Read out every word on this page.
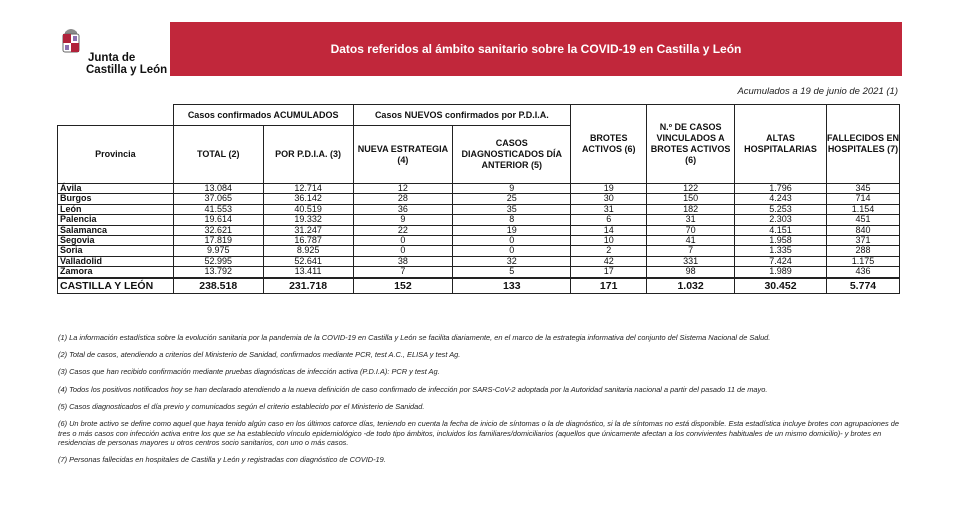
Junta de
Castilla y León
Datos referidos al ámbito sanitario sobre la COVID-19 en Castilla y León
Acumulados a 19 de junio de 2021 (1)
	Casos confirmados ACUMULADOS		Casos NUEVOS confirmados por P.D.I.A.		BROTES ACTIVOS (6)	N.º DE CASOS VINCULADOS A BROTES ACTIVOS (6)	ALTAS HOSPITALARIAS	FALLECIDOS EN HOSPITALES (7)
Provincia	TOTAL (2)	POR P.D.I.A. (3)	NUEVA ESTRATEGIA (4)	CASOS DIAGNOSTICADOS DÍA ANTERIOR (5)				
Ávila	13.084	12.714	12	9	19	122	1.796	345
Burgos	37.065	36.142	28	25	30	150	4.243	714
León	41.553	40.519	36	35	31	182	5.253	1.154
Palencia	19.614	19.332	9	8	6	31	2.303	451
Salamanca	32.621	31.247	22	19	14	70	4.151	840
Segovia	17.819	16.787	0	0	10	41	1.958	371
Soria	9.975	8.925	0	0	2	7	1.335	288
Valladolid	52.995	52.641	38	32	42	331	7.424	1.175
Zamora	13.792	13.411	7	5	17	98	1.989	436
CASTILLA Y LEÓN	238.518	231.718	152	133	171	1.032	30.452	5.774

(1) La información estadística sobre la evolución sanitaria por la pandemia de la COVID-19 en Castilla y León se facilita diariamente, en el marco de la estrategia informativa del conjunto del Sistema Nacional de Salud.

(2) Total de casos, atendiendo a criterios del Ministerio de Sanidad, confirmados mediante PCR, test A.C., ELISA y test Ag.

(3) Casos que han recibido confirmación mediante pruebas diagnósticas de infección activa (P.D.I.A): PCR y test Ag.

(4) Todos los positivos notificados hoy se han declarado atendiendo a la nueva definición de caso confirmado de infección por SARS-CoV-2 adoptada por la Autoridad sanitaria nacional a partir del pasado 11 de mayo.

(5) Casos diagnosticados el día previo y comunicados según el criterio establecido por el Ministerio de Sanidad.

(6) Un brote activo se define como aquel que haya tenido algún caso en los últimos catorce días, teniendo en cuenta la fecha de inicio de síntomas o la de diagnóstico, si la de síntomas no está disponible. Esta estadística incluye brotes con agrupaciones de tres o más casos con infección activa entre los que se ha establecido vínculo epidemiológico -de todo tipo ámbitos, incluidos los familiares/domiciliarios (aquellos que únicamente afectan a los convivientes habituales de un mismo domicilio)- y brotes en residencias de personas mayores u otros centros socio sanitarios, con uno o más casos.

(7) Personas fallecidas en hospitales de Castilla y León y registradas con diagnóstico de COVID-19.
